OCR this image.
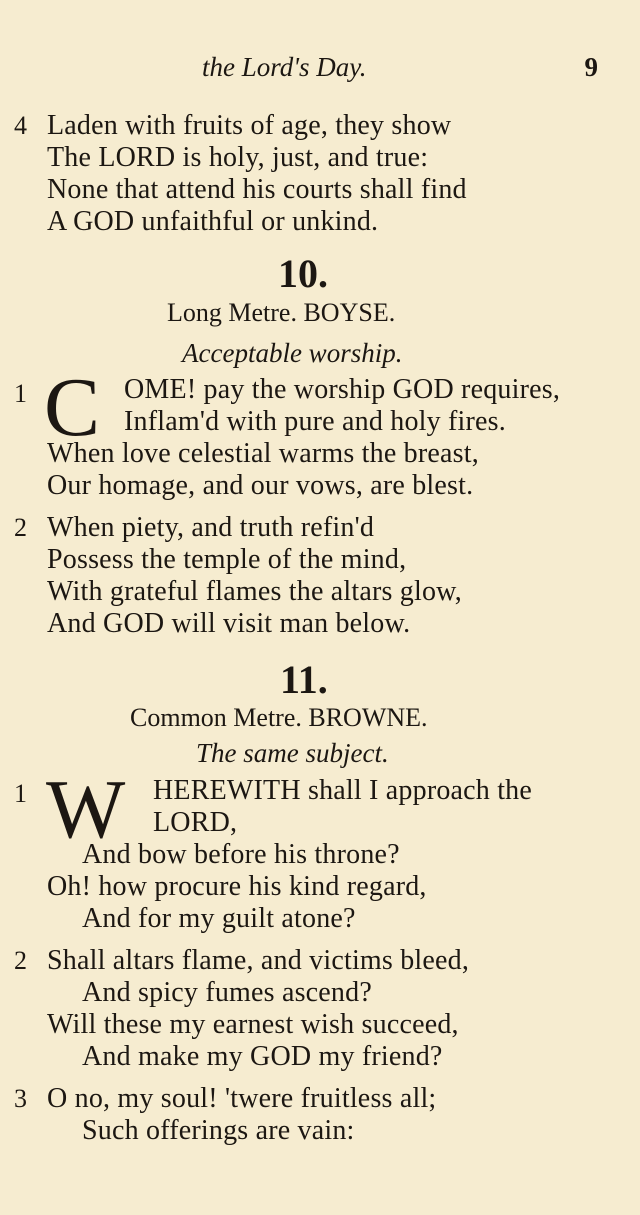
the Lord's Day.	9
4 Laden with fruits of age, they show
The LORD is holy, just, and true:
None that attend his courts shall find
A GOD unfaithful or unkind.
10.
Long Metre. BOYSE.
Acceptable worship.
1 C OME! pay the worship GOD requires,
Inflam'd with pure and holy fires.
When love celestial warms the breast,
Our homage, and our vows, are blest.
2 When piety, and truth refin'd
Possess the temple of the mind,
With grateful flames the altars glow,
And GOD will visit man below.
11.
Common Metre. BROWNE.
The same subject.
1 W HEREWITH shall I approach the
LORD,
And bow before his throne?
Oh! how procure his kind regard,
And for my guilt atone?
2 Shall altars flame, and victims bleed,
And spicy fumes ascend?
Will these my earnest wish succeed,
And make my GOD my friend?
3 O no, my soul! 'twere fruitless all;
Such offerings are vain:
